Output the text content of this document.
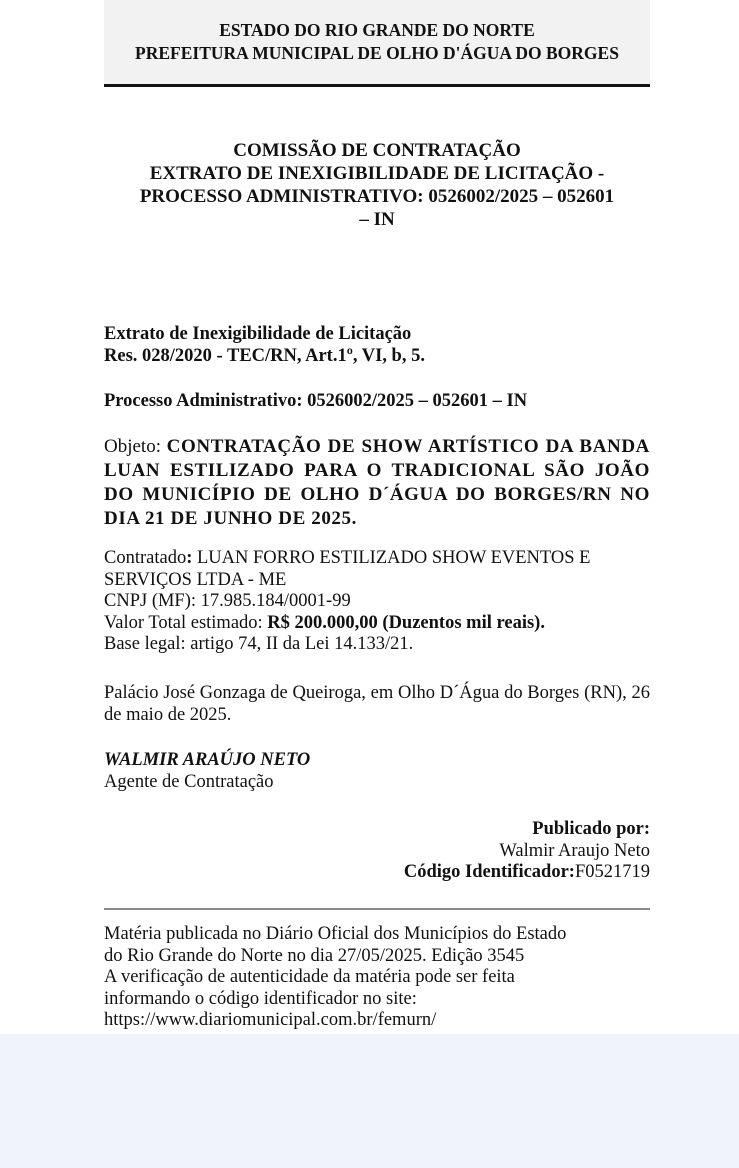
ESTADO DO RIO GRANDE DO NORTE
PREFEITURA MUNICIPAL DE OLHO D'ÁGUA DO BORGES
COMISSÃO DE CONTRATAÇÃO
EXTRATO DE INEXIGIBILIDADE DE LICITAÇÃO -
PROCESSO ADMINISTRATIVO: 0526002/2025 – 052601
– IN
Extrato de Inexigibilidade de Licitação
Res. 028/2020 - TEC/RN, Art.1º, VI, b, 5.
Processo Administrativo: 0526002/2025 – 052601 – IN
Objeto: CONTRATAÇÃO DE SHOW ARTÍSTICO DA BANDA LUAN ESTILIZADO PARA O TRADICIONAL SÃO JOÃO DO MUNICÍPIO DE OLHO D´ÁGUA DO BORGES/RN NO DIA 21 DE JUNHO DE 2025.
Contratado: LUAN FORRO ESTILIZADO SHOW EVENTOS E SERVIÇOS LTDA - ME
CNPJ (MF): 17.985.184/0001-99
Valor Total estimado: R$ 200.000,00 (Duzentos mil reais).
Base legal: artigo 74, II da Lei 14.133/21.
Palácio José Gonzaga de Queiroga, em Olho D´Água do Borges (RN), 26 de maio de 2025.
WALMIR ARAÚJO NETO
Agente de Contratação
Publicado por:
Walmir Araujo Neto
Código Identificador:F0521719
Matéria publicada no Diário Oficial dos Municípios do Estado
do Rio Grande do Norte no dia 27/05/2025. Edição 3545
A verificação de autenticidade da matéria pode ser feita
informando o código identificador no site:
https://www.diariomunicipal.com.br/femurn/
